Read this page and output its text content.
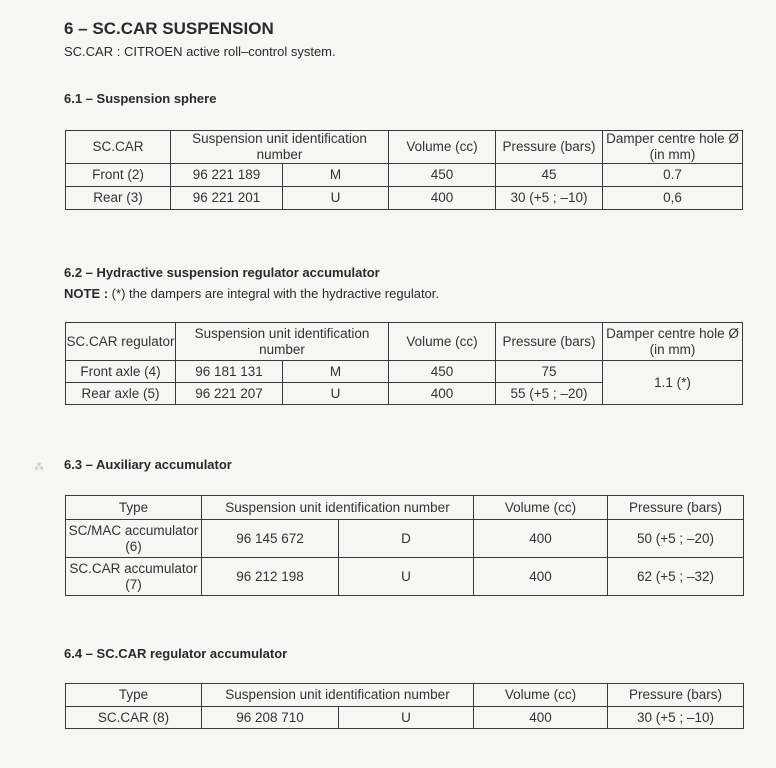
6 – SC.CAR SUSPENSION
SC.CAR : CITROEN active roll–control system.
6.1 – Suspension sphere
SC.CAR	Suspension unit identification number		Volume (cc)	Pressure (bars)	Damper centre hole Ø (in mm)
Front (2)	96 221 189	M	450	45	0.7
Rear (3)	96 221 201	U	400	30 (+5 ; –10)	0,6
6.2 – Hydractive suspension regulator accumulator
NOTE : (*) the dampers are integral with the hydractive regulator.
SC.CAR regulator	Suspension unit identification number		Volume (cc)	Pressure (bars)	Damper centre hole Ø (in mm)
Front axle (4)	96 181 131	M	450	75	1.1 (*)
Rear axle (5)	96 221 207	U	400	55 (+5 ; –20)	
⁂	6.3 – Auxiliary accumulator
Type	Suspension unit identification number		Volume (cc)	Pressure (bars)
SC/MAC accumulator (6)	96 145 672	D	400	50 (+5 ; –20)
SC.CAR accumulator (7)	96 212 198	U	400	62 (+5 ; –32)
6.4 – SC.CAR regulator accumulator
Type	Suspension unit identification number		Volume (cc)	Pressure (bars)
SC.CAR (8)	96 208 710	U	400	30 (+5 ; –10)
